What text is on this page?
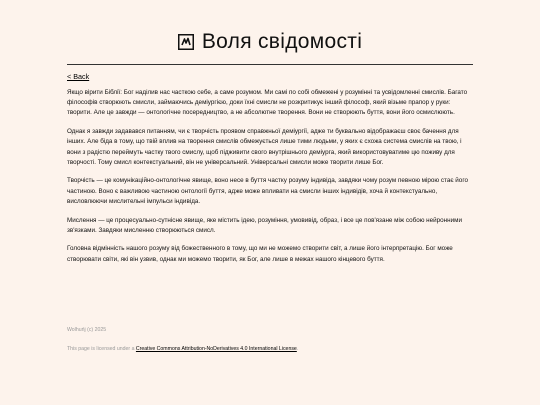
Воля свідомості
< Back

Якщо вірити Біблії: Бог надiлив нас часткою себе, а саме розумом. Ми самі по собі обмежені у розумінні та усвідомленні смислів. Багато філософів створюють смисли, займаючись деміургією, доки їхні смисли не розкритикує інший філософ, який візьме прапор у руки: творити. Але це завжди — онтологічне посередництво, а не абсолютне творення. Вони не створюють буття, вони його осмислюють.

Однак я завжди задавався питанням, чи є творчість проявом справжньої деміургії, адже ти буквально відображаєш своє бачення для інших. Але біда в тому, що твій вплив на творення смислів обмежується лише тими людьми, у яких є схожа система смислів на твою, і вони з радістю переймуть частку твого смислу, щоб підживити свого внутрішнього деміурга, який використовуватиме цю поживу для творчості. Тому смисл контекстуальний, він не універсальний. Універсальні смисли може творити лише Бог.

Творчість — це комунікаційно-онтологічне явище, воно несе в буття частку розуму індивіда, завдяки чому розум певною мірою стає його частиною. Воно є важливою частиною онтології буття, адже може впливати на смисли інших індивідів, хоча й контекстуально, висловлюючи мислительні імпульси індивіда.

Мислення — це процесуально-сутнісне явище, яке містить ідею, розуміння, умовивід, образ, і все це пов'язане між собою нейронними зв'язками. Завдяки мисленню створюються смисл.

Головна відмінність нашого розуму від божественного в тому, що ми не можемо створити світ, а лише його інтерпретацію. Бог може створювати світи, які він узвив, однак ми можемо творити, як Бог, але лише в межах нашого кінцевого буття.

Wolhuńj (c) 2025
This page is licensed under a Creative Commons Attribution-NoDerivatives 4.0 International License.
